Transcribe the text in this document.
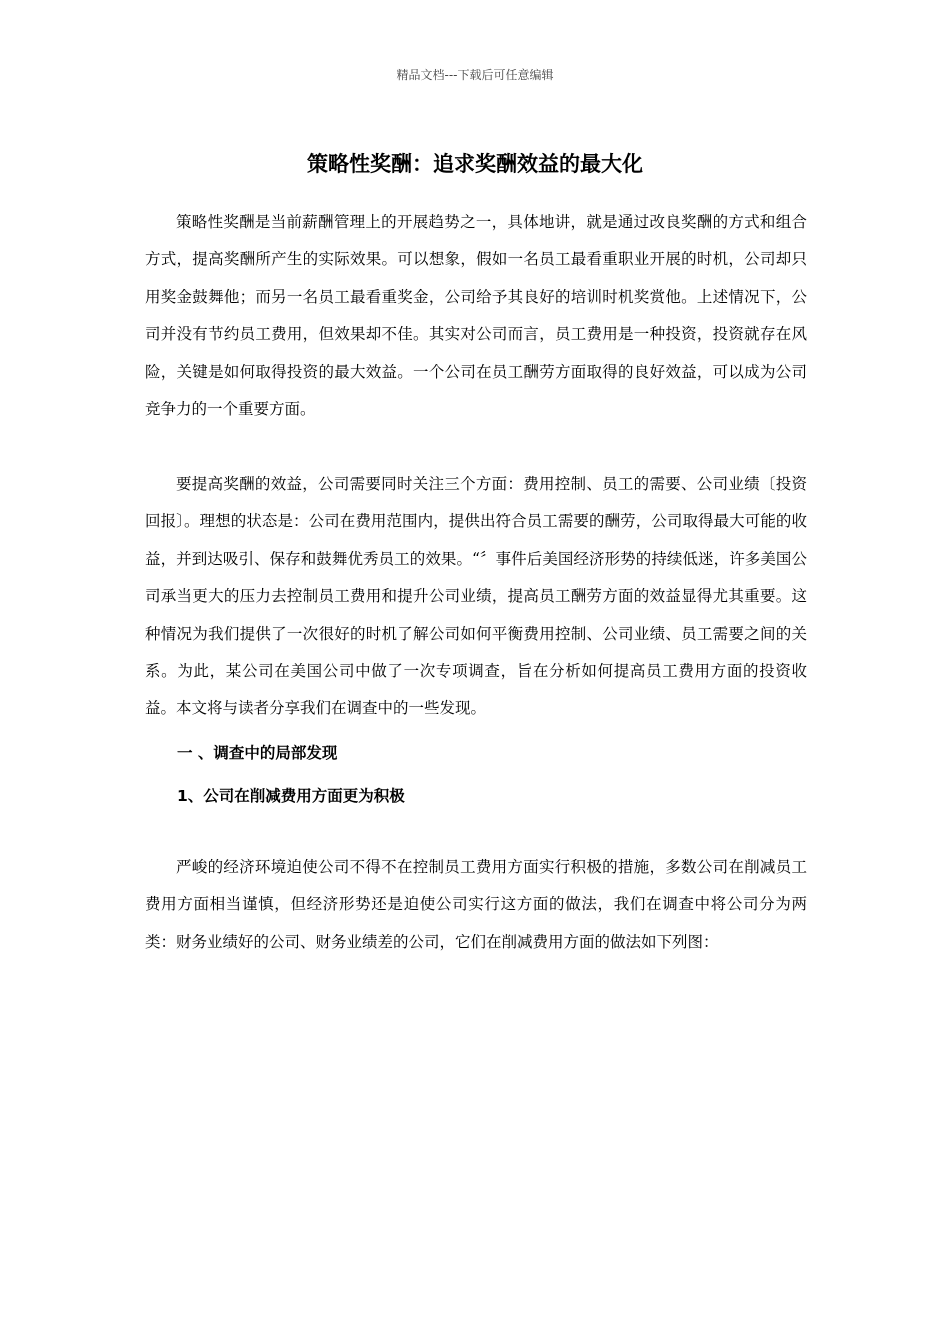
精品文档---下载后可任意编辑
策略性奖酬：追求奖酬效益的最大化

策略性奖酬是当前薪酬管理上的开展趋势之一，具体地讲，就是通过改良奖酬的方式和组合方式，提高奖酬所产生的实际效果。可以想象，假如一名员工最看重职业开展的时机，公司却只用奖金鼓舞他；而另一名员工最看重奖金，公司给予其良好的培训时机奖赏他。上述情况下，公司并没有节约员工费用，但效果却不佳。其实对公司而言，员工费用是一种投资，投资就存在风险，关键是如何取得投资的最大效益。一个公司在员工酬劳方面取得的良好效益，可以成为公司竞争力的一个重要方面。

要提高奖酬的效益，公司需要同时关注三个方面：费用控制、员工的需要、公司业绩〔投资回报〕。理想的状态是：公司在费用范围内，提供出符合员工需要的酬劳，公司取得最大可能的收益，并到达吸引、保存和鼓舞优秀员工的效果。“〞事件后美国经济形势的持续低迷，许多美国公司承当更大的压力去控制员工费用和提升公司业绩，提高员工酬劳方面的效益显得尤其重要。这种情况为我们提供了一次很好的时机了解公司如何平衡费用控制、公司业绩、员工需要之间的关系。为此，某公司在美国公司中做了一次专项调查，旨在分析如何提高员工费用方面的投资收益。本文将与读者分享我们在调查中的一些发现。

一 、调查中的局部发现
1、公司在削减费用方面更为积极

严峻的经济环境迫使公司不得不在控制员工费用方面实行积极的措施，多数公司在削减员工费用方面相当谨慎，但经济形势还是迫使公司实行这方面的做法，我们在调查中将公司分为两类：财务业绩好的公司、财务业绩差的公司，它们在削减费用方面的做法如下列图：
